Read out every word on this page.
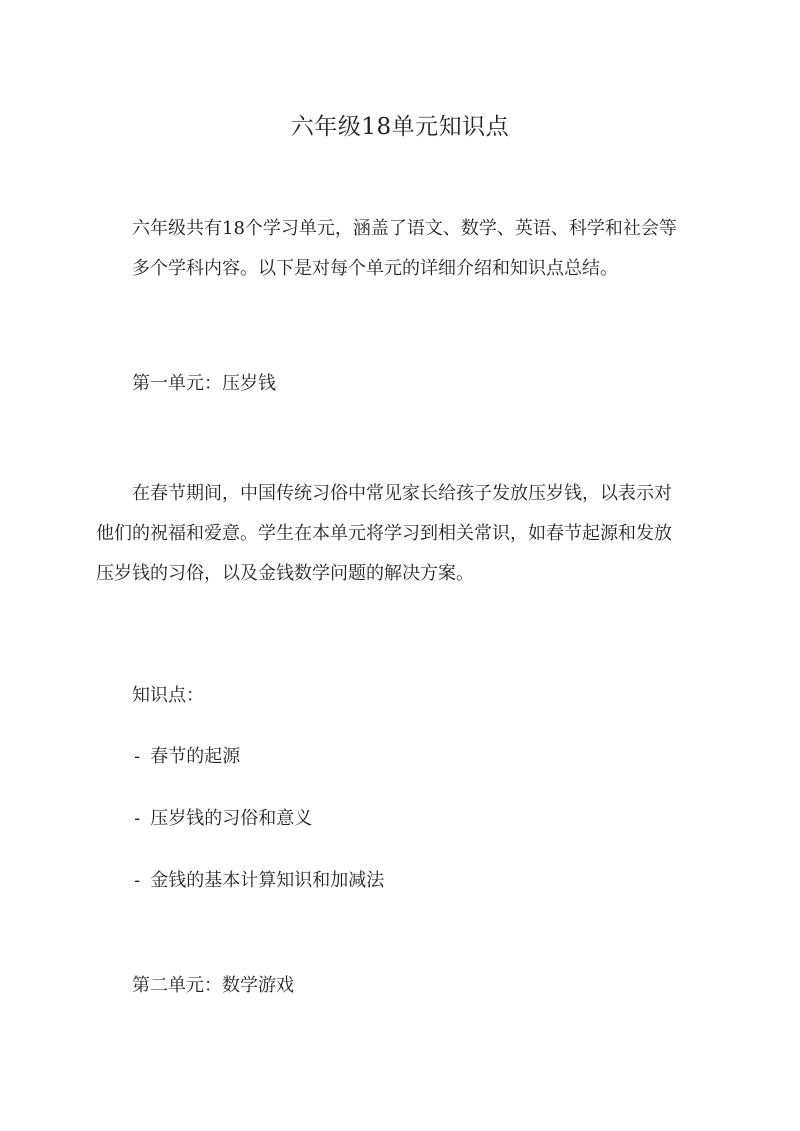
六年级18单元知识点
六年级共有18个学习单元，涵盖了语文、数学、英语、科学和社会等
多个学科内容。以下是对每个单元的详细介绍和知识点总结。
第一单元：压岁钱
在春节期间，中国传统习俗中常见家长给孩子发放压岁钱，以表示对
他们的祝福和爱意。学生在本单元将学习到相关常识，如春节起源和发放
压岁钱的习俗，以及金钱数学问题的解决方案。
知识点：
- 春节的起源
- 压岁钱的习俗和意义
- 金钱的基本计算知识和加减法
第二单元：数学游戏
